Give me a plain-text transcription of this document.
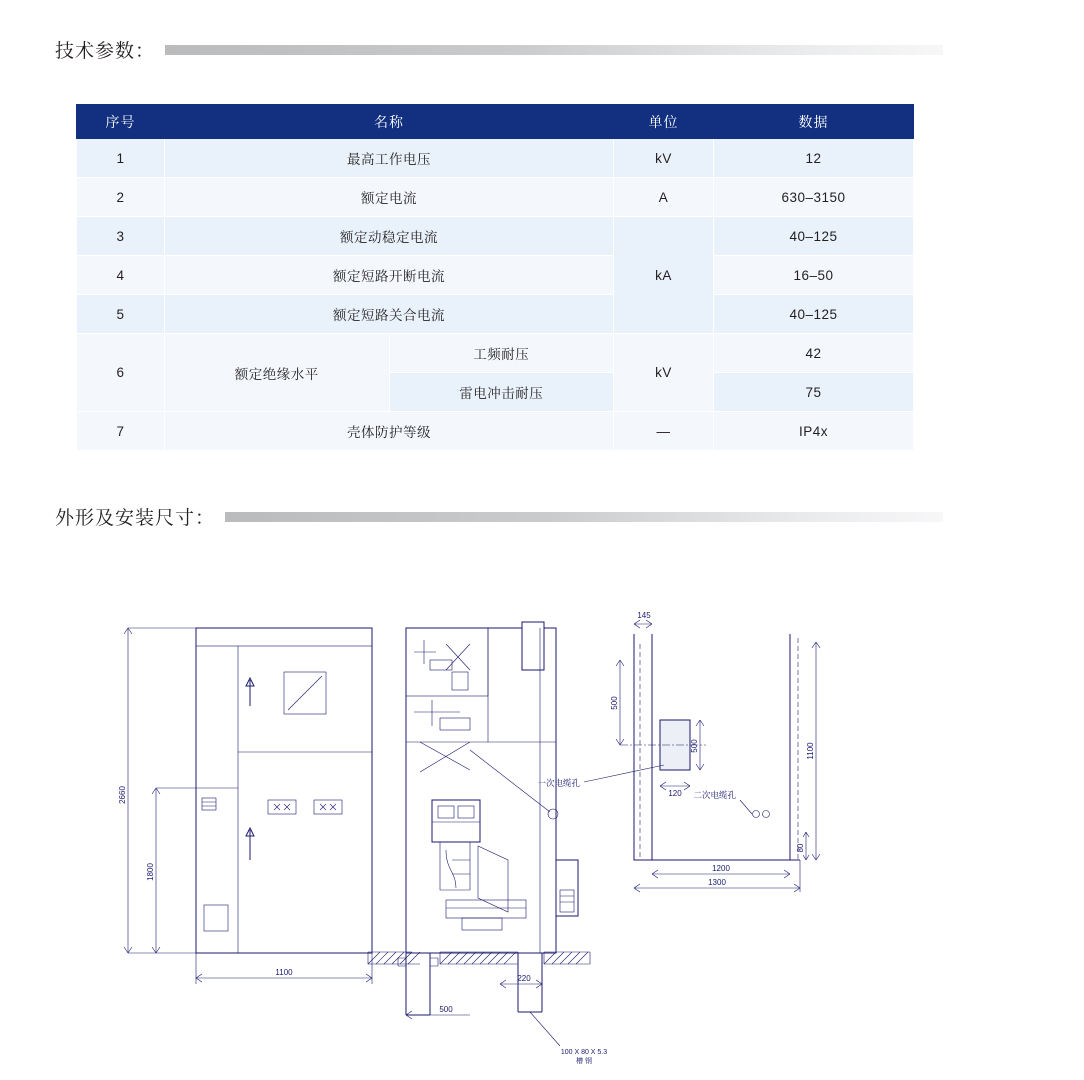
技术参数：
序号	名称		单位	数据
1	最高工作电压		kV	12
2	额定电流		A	630–3150
3	额定动稳定电流		kA	40–125
4	额定短路开断电流			16–50
5	额定短路关合电流			40–125
6	额定绝缘水平	工频耐压	kV	42
		雷电冲击耐压		75
7	壳体防护等级		—	IP4x
外形及安装尺寸：
2660
1800
1100
500
220
100 X 80 X 5.3
槽 钢
145
500
500
120
一次电缆孔
二次电缆孔
1100
80
1200
1300
